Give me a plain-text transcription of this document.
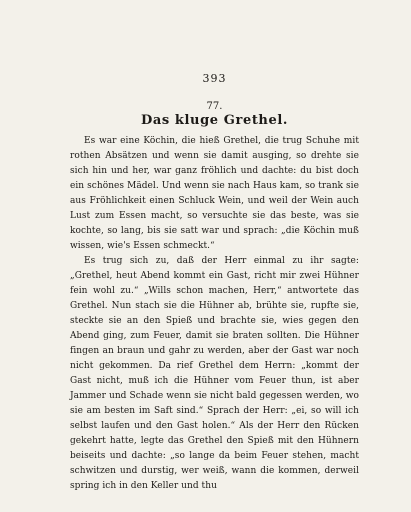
393
77.
Das kluge Grethel.

Es war eine Köchin, die hieß Grethel, die trug Schuhe mit rothen Absätzen und wenn sie damit ausging, so drehte sie sich hin und her, war ganz fröhlich und dachte: du bist doch ein schönes Mädel. Und wenn sie nach Haus kam, so trank sie aus Fröhlichkeit einen Schluck Wein, und weil der Wein auch Lust zum Essen macht, so versuchte sie das beste, was sie kochte, so lang, bis sie satt war und sprach: „die Köchin muß wissen, wie's Essen schmeckt.“

Es trug sich zu, daß der Herr einmal zu ihr sagte: „Grethel, heut Abend kommt ein Gast, richt mir zwei Hühner fein wohl zu.“ „Wills schon machen, Herr,“ antwortete das Grethel. Nun stach sie die Hühner ab, brühte sie, rupfte sie, steckte sie an den Spieß und brachte sie, wies gegen den Abend ging, zum Feuer, damit sie braten sollten. Die Hühner fingen an braun und gahr zu werden, aber der Gast war noch nicht gekommen. Da rief Grethel dem Herrn: „kommt der Gast nicht, muß ich die Hühner vom Feuer thun, ist aber Jammer und Schade wenn sie nicht bald gegessen werden, wo sie am besten im Saft sind.“ Sprach der Herr: „ei, so will ich selbst laufen und den Gast holen.“ Als der Herr den Rücken gekehrt hatte, legte das Grethel den Spieß mit den Hühnern beiseits und dachte: „so lange da beim Feuer stehen, macht schwitzen und durstig, wer weiß, wann die kommen, derweil spring ich in den Keller und thu
